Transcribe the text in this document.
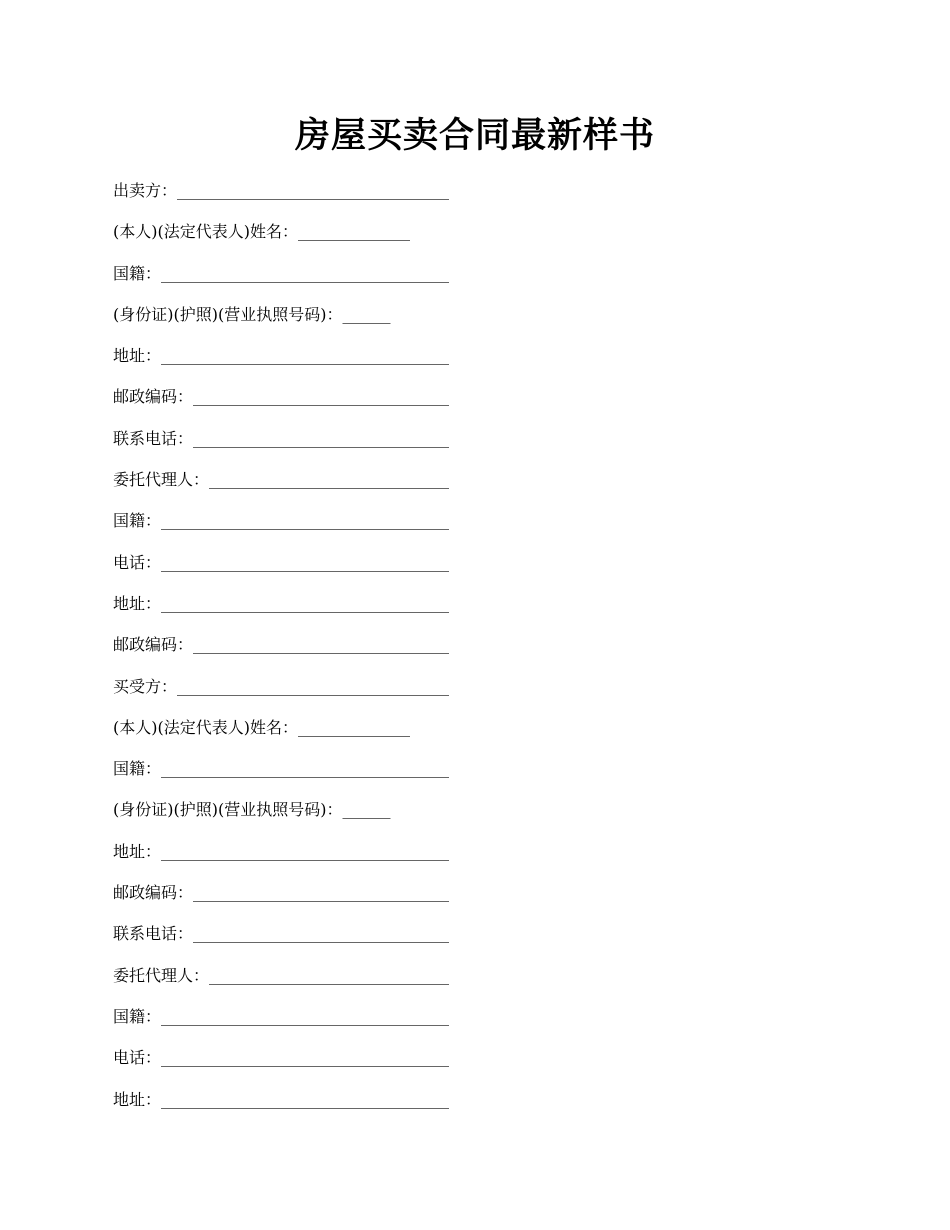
房屋买卖合同最新样书
出卖方：__________________________________
(本人)(法定代表人)姓名：______________
国籍：____________________________________
(身份证)(护照)(营业执照号码)：______
地址：____________________________________
邮政编码：________________________________
联系电话：________________________________
委托代理人：______________________________
国籍：____________________________________
电话：____________________________________
地址：____________________________________
邮政编码：________________________________
买受方：__________________________________
(本人)(法定代表人)姓名：______________
国籍：____________________________________
(身份证)(护照)(营业执照号码)：______
地址：____________________________________
邮政编码：________________________________
联系电话：________________________________
委托代理人：______________________________
国籍：____________________________________
电话：____________________________________
地址：____________________________________
